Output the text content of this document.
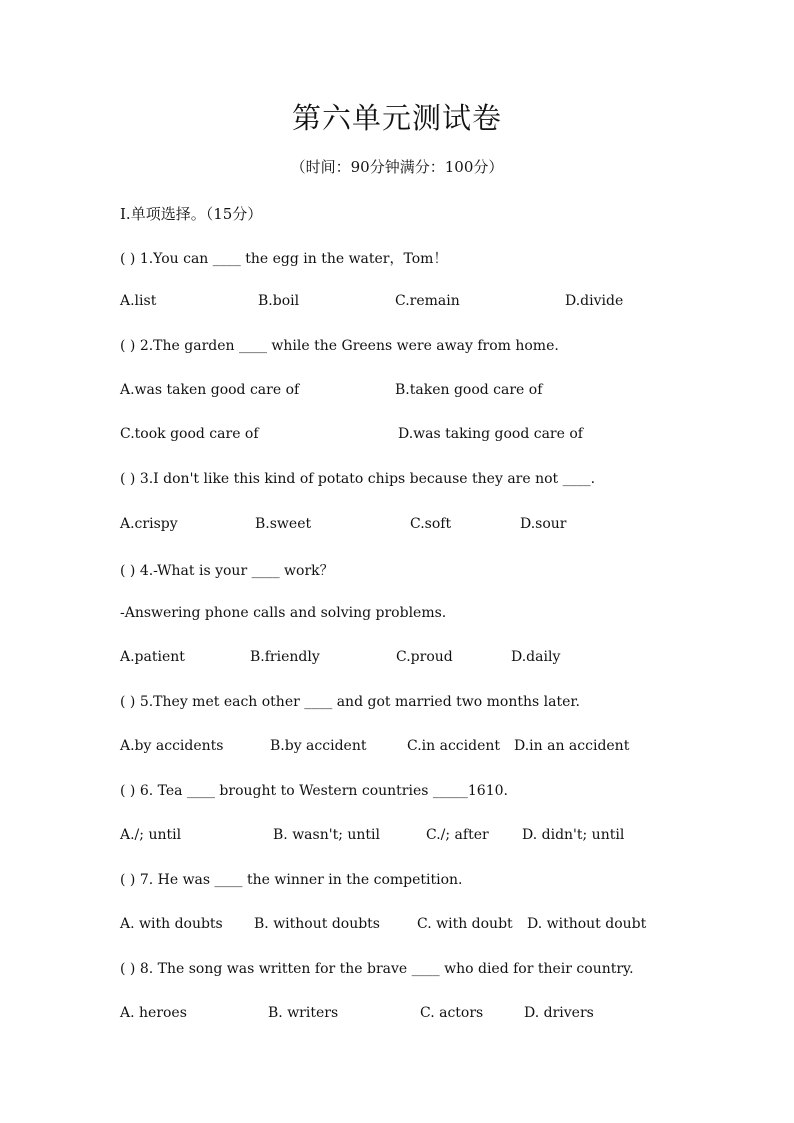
第六单元测试卷
（时间：90分钟满分：100分）
I.单项选择。（15分）
( ) 1.You can ____ the egg in the water，Tom！
A.list	B.boil	C.remain	D.divide
( ) 2.The garden ____ while the Greens were away from home.
A.was taken good care of	B.taken good care of
C.took good care of	D.was taking good care of
( ) 3.I don't like this kind of potato chips because they are not ____.
A.crispy	B.sweet	C.soft	D.sour
( ) 4.-What is your ____ work？
-Answering phone calls and solving problems.
A.patient	B.friendly	C.proud	D.daily
( ) 5.They met each other ____ and got married two months later.
A.by accidents	B.by accident	C.in accident D.in an accident
( ) 6. Tea ____ brought to Western countries _____1610.
A./; until	B. wasn't; until	C./; after D. didn't; until
( ) 7. He was ____ the winner in the competition.
A. with doubts B. without doubts	C. with doubt D. without doubt
( ) 8. The song was written for the brave ____ who died for their country.
A. heroes	B. writers	C. actors	D. drivers
